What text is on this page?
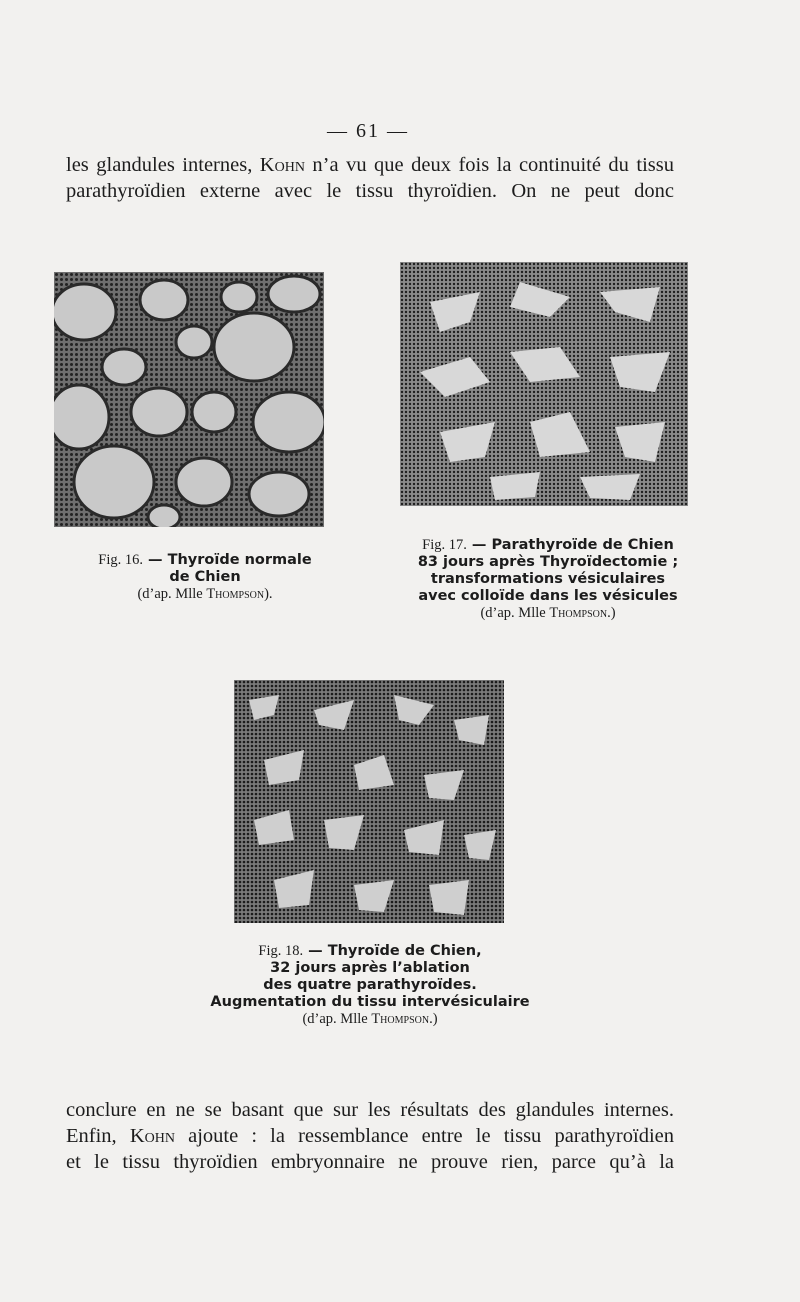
— 61 —
les glandules internes, Kohn n’a vu que deux fois la continuité du tissu
parathyroïdien externe avec le tissu thyroïdien. On ne peut donc
Fig. 16. — Thyroïde normale
de Chien
(d’ap. Mlle Thompson).
Fig. 17. — Parathyroïde de Chien
83 jours après Thyroïdectomie ;
transformations vésiculaires
avec colloïde dans les vésicules
(d’ap. Mlle Thompson.)
Fig. 18. — Thyroïde de Chien,
32 jours après l’ablation
des quatre parathyroïdes.
Augmentation du tissu intervésiculaire
(d’ap. Mlle Thompson.)
conclure en ne se basant que sur les résultats des glandules internes.
Enfin, Kohn ajoute : la ressemblance entre le tissu parathyroïdien
et le tissu thyroïdien embryonnaire ne prouve rien, parce qu’à la
